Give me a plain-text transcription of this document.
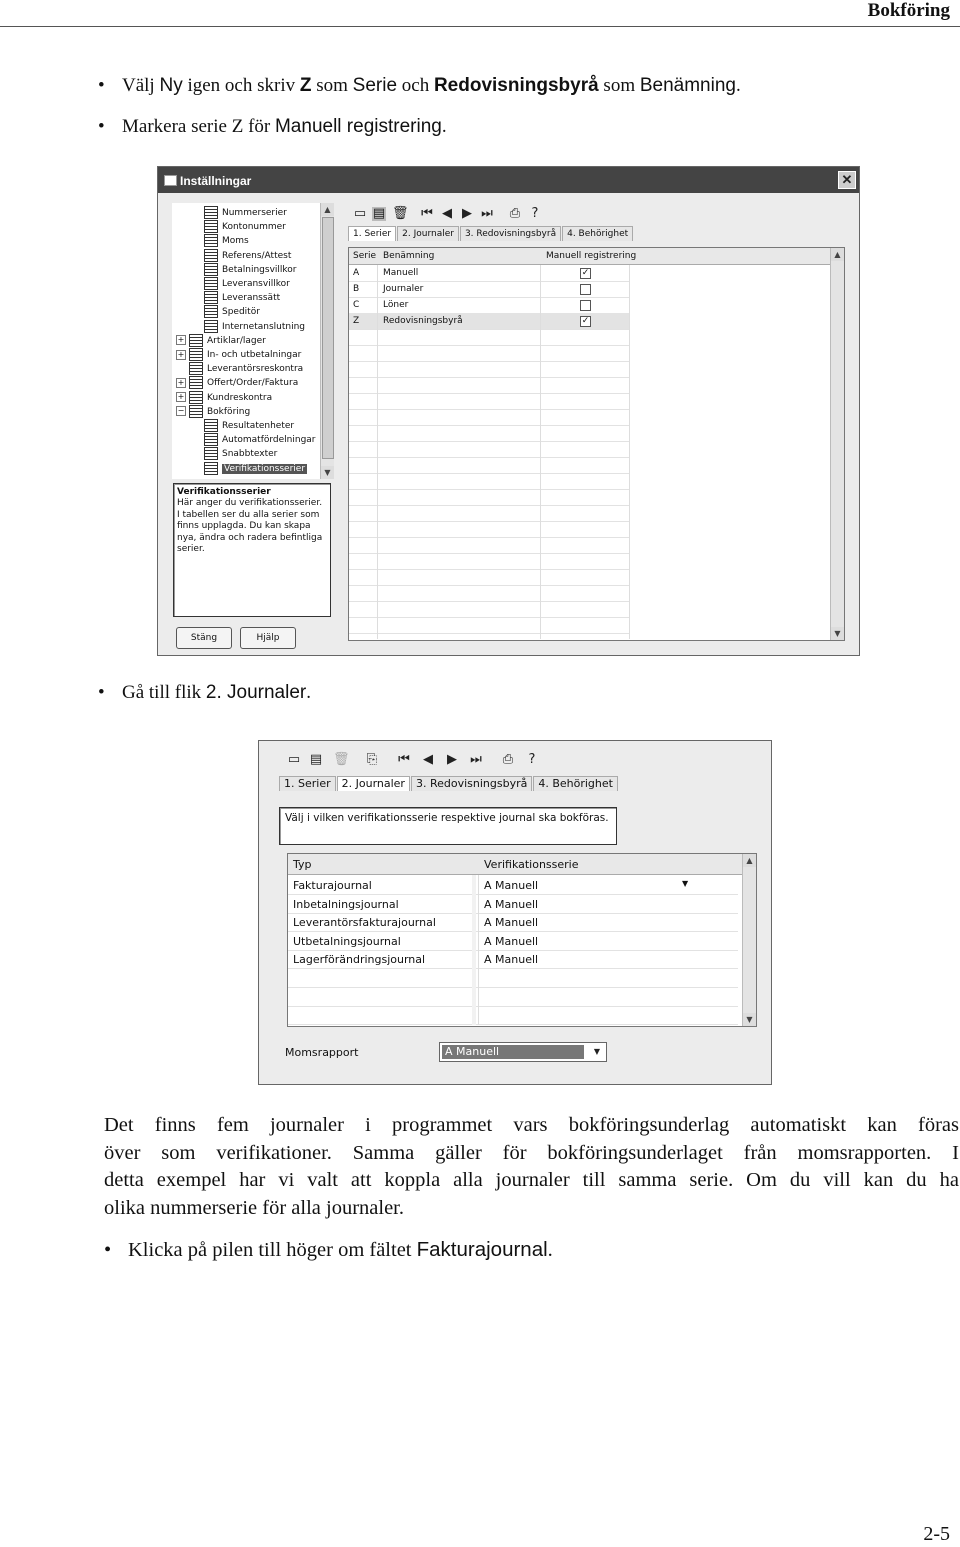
Bokföring
• Välj Ny igen och skriv Z som Serie och Redovisningsbyrå som Benämning.
• Markera serie Z för Manuell registrering.
Inställningar	✕
Nummerserier
Kontonummer
Moms
Referens/Attest
Betalningsvillkor
Leveransvillkor
Leveranssätt
Speditör
Internetanslutning
+	Artiklar/lager
+	In- och utbetalningar
Leverantörsreskontra
+	Offert/Order/Faktura
+	Kundreskontra
−	Bokföring
Resultatenheter
Automatfördelningar
Snabbtexter
Verifikationsserier
▲
▼
Verifikationsserier
Här anger du verifikationsserier. I tabellen ser du alla serier som finns upplagda. Du kan skapa nya, ändra och radera befintliga serier.
Stäng	Hjälp
▭ ▤ 🗑 ⏮ ◀ ▶ ⏭ ⎙ ?
1. Serier	2. Journaler	3. Redovisningsbyrå	4. Behörighet
Serie Benämning	Manuell registrering
A	Manuell	✓
B	Journaler
C	Löner
Z	Redovisningsbyrå	✓
▲
▼
• Gå till flik 2. Journaler.
▭ ▤ 🗑 ⎘ ⏮ ◀ ▶ ⏭ ⎙ ?
1. Serier	2. Journaler	3. Redovisningsbyrå	4. Behörighet
Välj i vilken verifikationsserie respektive journal ska bokföras.
Typ	Verifikationsserie
Fakturajournal	A Manuell	▼
Inbetalningsjournal	A Manuell
Leverantörsfakturajournal	A Manuell
Utbetalningsjournal	A Manuell
Lagerförändringsjournal	A Manuell
▲
▼
Momsrapport	A Manuell	▼
Det finns fem journaler i programmet vars bokföringsunderlag automatiskt kan föras
över som verifikationer. Samma gäller för bokföringsunderlaget från momsrapporten. I
detta exempel har vi valt att koppla alla journaler till samma serie. Om du vill kan du ha
olika nummerserie för alla journaler.
• Klicka på pilen till höger om fältet Fakturajournal.
2-5
